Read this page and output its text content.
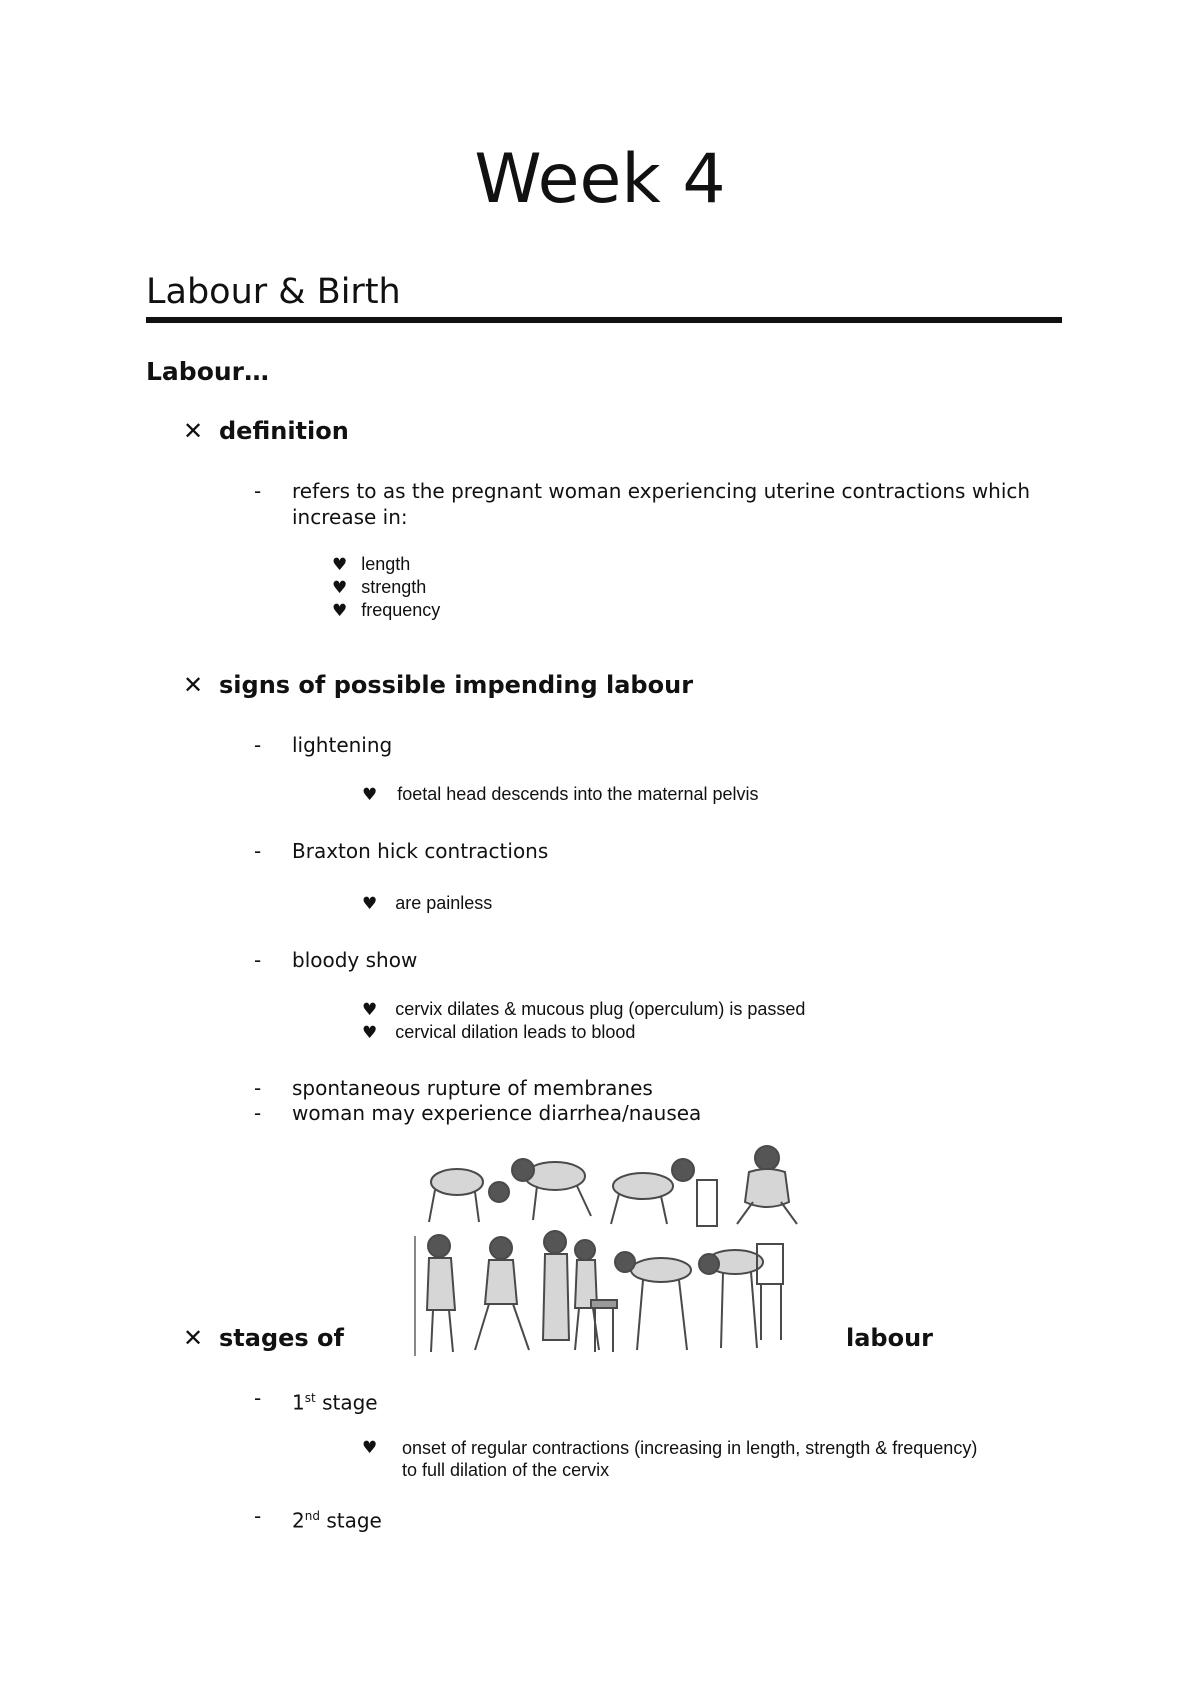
Week 4
Labour & Birth
Labour…
✕ definition
- refers to as the pregnant woman experiencing uterine contractions which increase in:
♥ length
♥ strength
♥ frequency
✕ signs of possible impending labour
- lightening
♥ foetal head descends into the maternal pelvis
- Braxton hick contractions
♥ are painless
- bloody show
♥ cervix dilates & mucous plug (operculum) is passed
♥ cervical dilation leads to blood
- spontaneous rupture of membranes
- woman may experience diarrhea/nausea
✕ stages of	labour
- 1st stage
♥ onset of regular contractions (increasing in length, strength & frequency) to full dilation of the cervix
- 2nd stage
